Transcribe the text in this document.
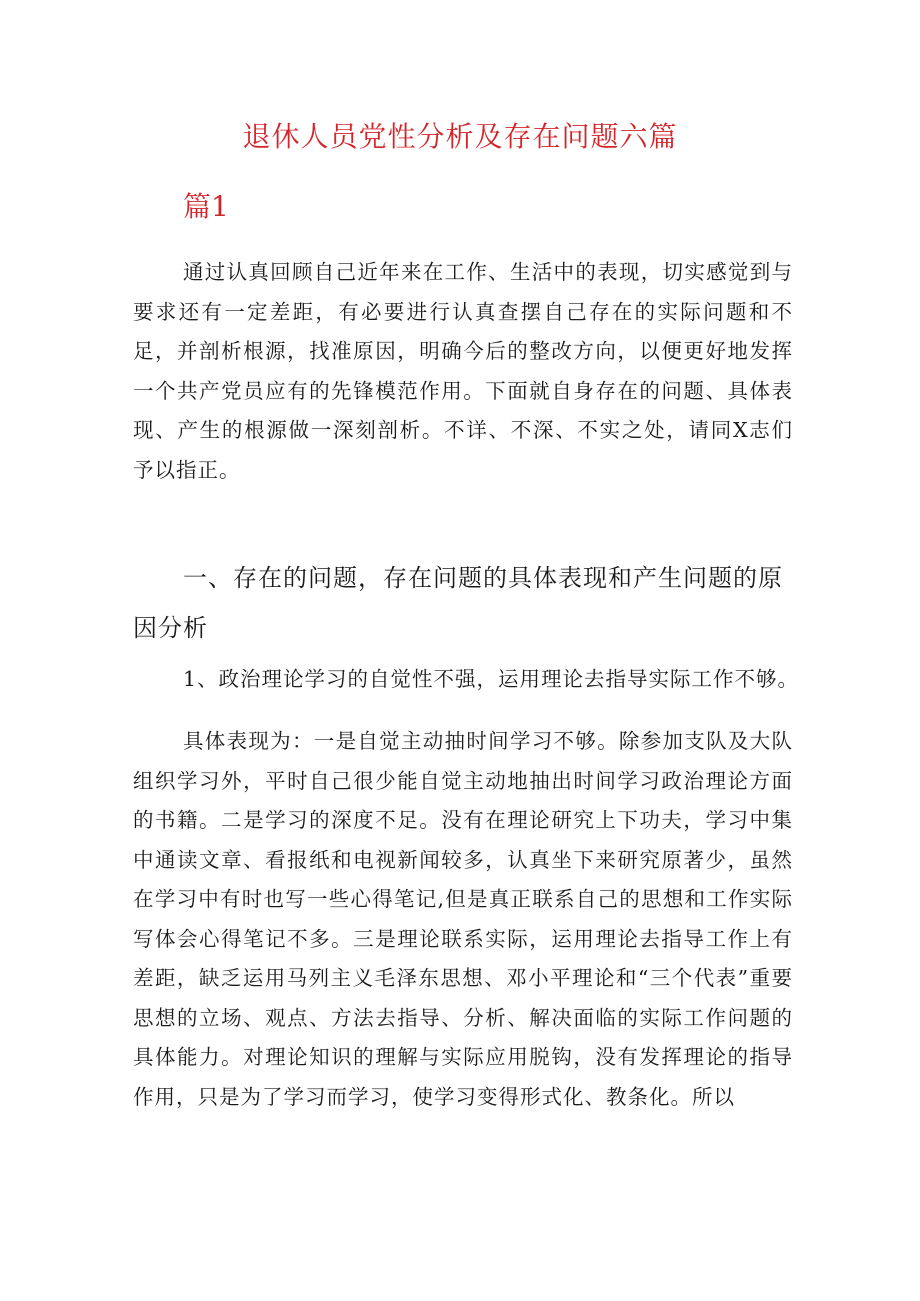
退休人员党性分析及存在问题六篇
篇1

通过认真回顾自己近年来在工作、生活中的表现，切实感觉到与要求还有一定差距，有必要进行认真查摆自己存在的实际问题和不足，并剖析根源，找准原因，明确今后的整改方向，以便更好地发挥一个共产党员应有的先锋模范作用。下面就自身存在的问题、具体表现、产生的根源做一深刻剖析。不详、不深、不实之处，请同X志们予以指正。

一、存在的问题，存在问题的具体表现和产生问题的原因分析

1、政治理论学习的自觉性不强，运用理论去指导实际工作不够。

具体表现为：一是自觉主动抽时间学习不够。除参加支队及大队组织学习外，平时自己很少能自觉主动地抽出时间学习政治理论方面的书籍。二是学习的深度不足。没有在理论研究上下功夫，学习中集中通读文章、看报纸和电视新闻较多，认真坐下来研究原著少，虽然在学习中有时也写一些心得笔记,但是真正联系自己的思想和工作实际写体会心得笔记不多。三是理论联系实际，运用理论去指导工作上有差距，缺乏运用马列主义毛泽东思想、邓小平理论和“三个代表”重要思想的立场、观点、方法去指导、分析、解决面临的实际工作问题的具体能力。对理论知识的理解与实际应用脱钩，没有发挥理论的指导作用，只是为了学习而学习，使学习变得形式化、教条化。所以
